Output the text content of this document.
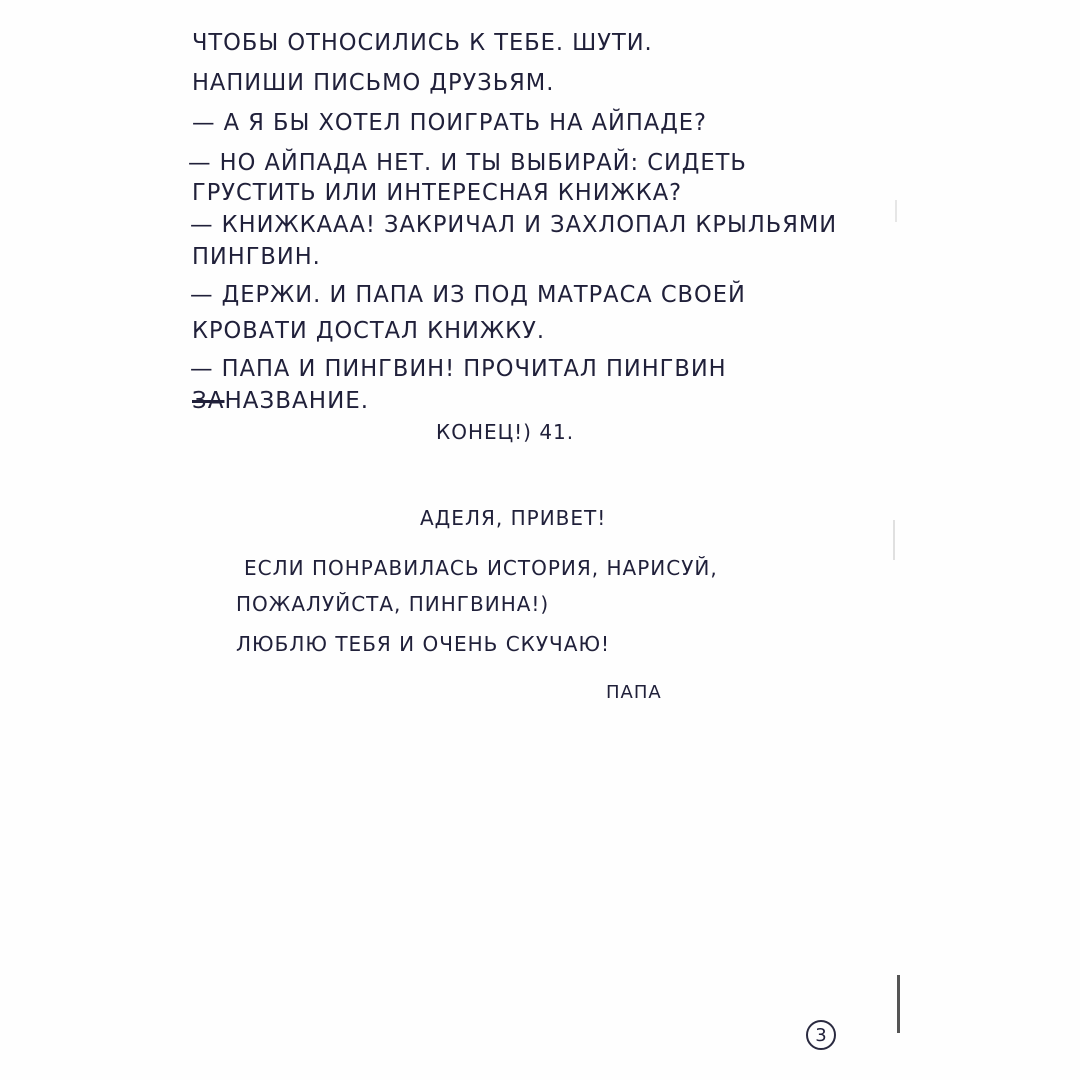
ЧТОБЫ ОТНОСИЛИСЬ К ТЕБЕ. ШУТИ.
НАПИШИ ПИСЬМО ДРУЗЬЯМ.
— А Я БЫ ХОТЕЛ ПОИГРАТЬ НА АЙПАДЕ?
— НО АЙПАДА НЕТ. И ТЫ ВЫБИРАЙ: СИДЕТЬ
ГРУСТИТЬ ИЛИ ИНТЕРЕСНАЯ КНИЖКА?
— КНИЖКААА! ЗАКРИЧАЛ И ЗАХЛОПАЛ КРЫЛЬЯМИ
ПИНГВИН.
— ДЕРЖИ. И ПАПА ИЗ ПОД МАТРАСА СВОЕЙ
КРОВАТИ ДОСТАЛ КНИЖКУ.
— ПАПА И ПИНГВИН! ПРОЧИТАЛ ПИНГВИН
ЗАНАЗВАНИЕ.
КОНЕЦ!) 41.
АДЕЛЯ, ПРИВЕТ!
ЕСЛИ ПОНРАВИЛАСЬ ИСТОРИЯ, НАРИСУЙ,
ПОЖАЛУЙСТА, ПИНГВИНА!)
ЛЮБЛЮ ТЕБЯ И ОЧЕНЬ СКУЧАЮ!
ПАПА
3
